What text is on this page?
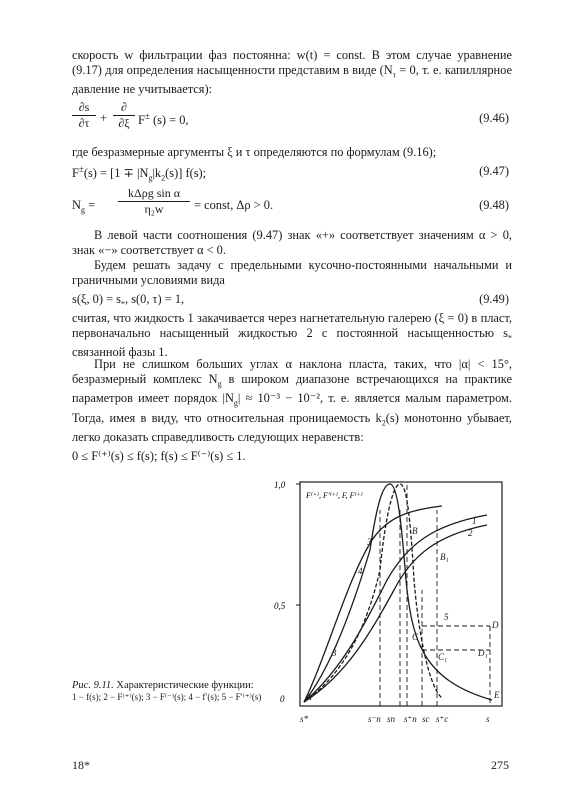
скорость w фильтрации фаз постоянна: w(t) = const. В этом случае уравнение (9.17) для определения насыщенности представим в виде ($N_\tau = 0$, т. е. капиллярное давление не учитывается):
$\frac{\partial s}{\partial\tau}$ +
∂
∂ξ F± (s) = 0,	(9.46)
где безразмерные аргументы ξ и τ определяются по формулам (9.16);
$F^\pm(s) = [1 \mp |N_g|k_2(s)]$ f(s);	(9.47)
$N_g$ =
kΔρg sin α
η₂w	= const, Δρ > 0.	(9.48)
В левой части соотношения (9.47) знак «+» соответствует значениям α > 0, знак «−» соответствует α < 0.
Будем решать задачу с предельными кусочно-постоянными начальными и граничными условиями вида
s(ξ, $0) = s_*$, s(0, τ) = 1,	(9.49)
считая, что жидкость 1 закачивается через нагнетательную галерею (ξ = 0) в пласт, первоначально насыщенный жидкостью 2 с постоянной насыщенностью $s_*$ связанной фазы 1.
При не слишком больших углах α наклона пласта, таких, что |α| < 15°, безразмерный комплекс $N_g$ в широком диапазоне встречающихся на практике параметров имеет порядок $|N_g| \approx 10^{-3} - 10^{-2}$, т. е. является малым параметром. Тогда, имея в виду, что относительная проницаемость $k_2(s)$ монотонно убывает, легко доказать справедливость следующих неравенств:
0 ≤ F⁽⁺⁾(s) ≤ f(s); f(s) ≤ F⁽⁻⁾(s) ≤ 1.
1,0
0,5
0
F⁽⁺⁾, F′⁽⁺⁾, F, F⁽⁺⁾
1
2
3
4
5
3
A
B
B₁
C
C₁
D
D₁
E
s*	s⁻п sп s⁺п sс s⁺с	s
Рис. 9.11. Характеристические функции:
1 − f(s); 2 − F⁽⁺⁾(s); 3 − F⁽⁻⁾(s); 4 − f′(s); 5 − F′⁽⁺⁾(s)
18*	275
